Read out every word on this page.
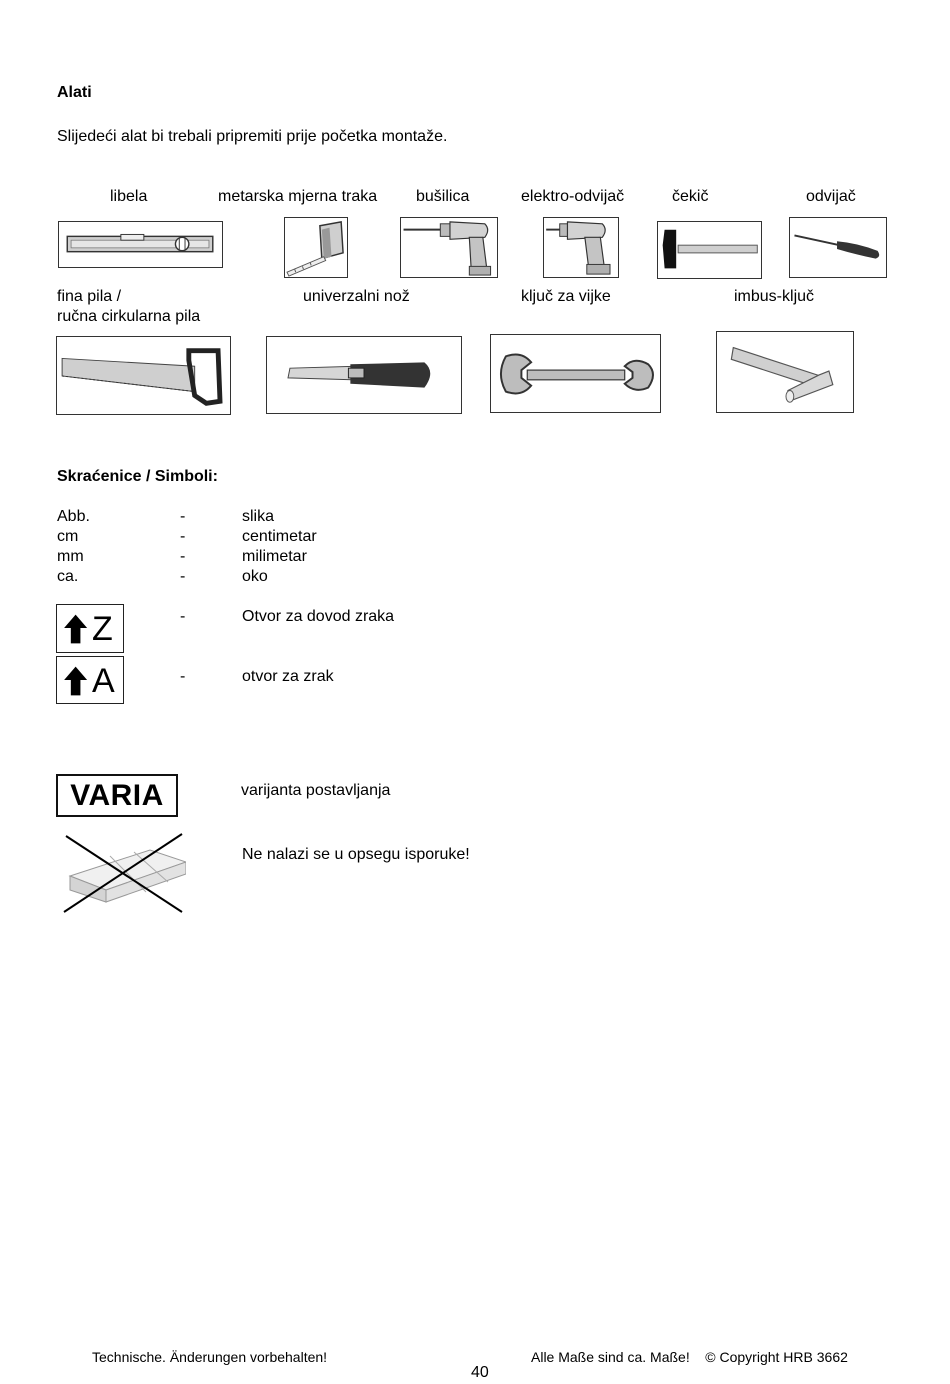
Alati
Slijedeći alat bi trebali pripremiti prije početka montaže.
libela	metarska mjerna traka bušilica	elektro-odvijač	čekič	odvijač
fina pila /
ručna cirkularna pila
univerzalni nož	ključ za vijke	imbus-ključ
Skraćenice / Simboli:
Abb.	-	slika
cm	-	centimetar
mm	-	milimetar
ca.	-	oko
Z	-	Otvor za dovod zraka
A	-	otvor za zrak
VARIA	varijanta postavljanja
Ne nalazi se u opsegu isporuke!
Technische. Änderungen vorbehalten!	Alle Maße sind ca. Maße!    © Copyright HRB 3662
40
